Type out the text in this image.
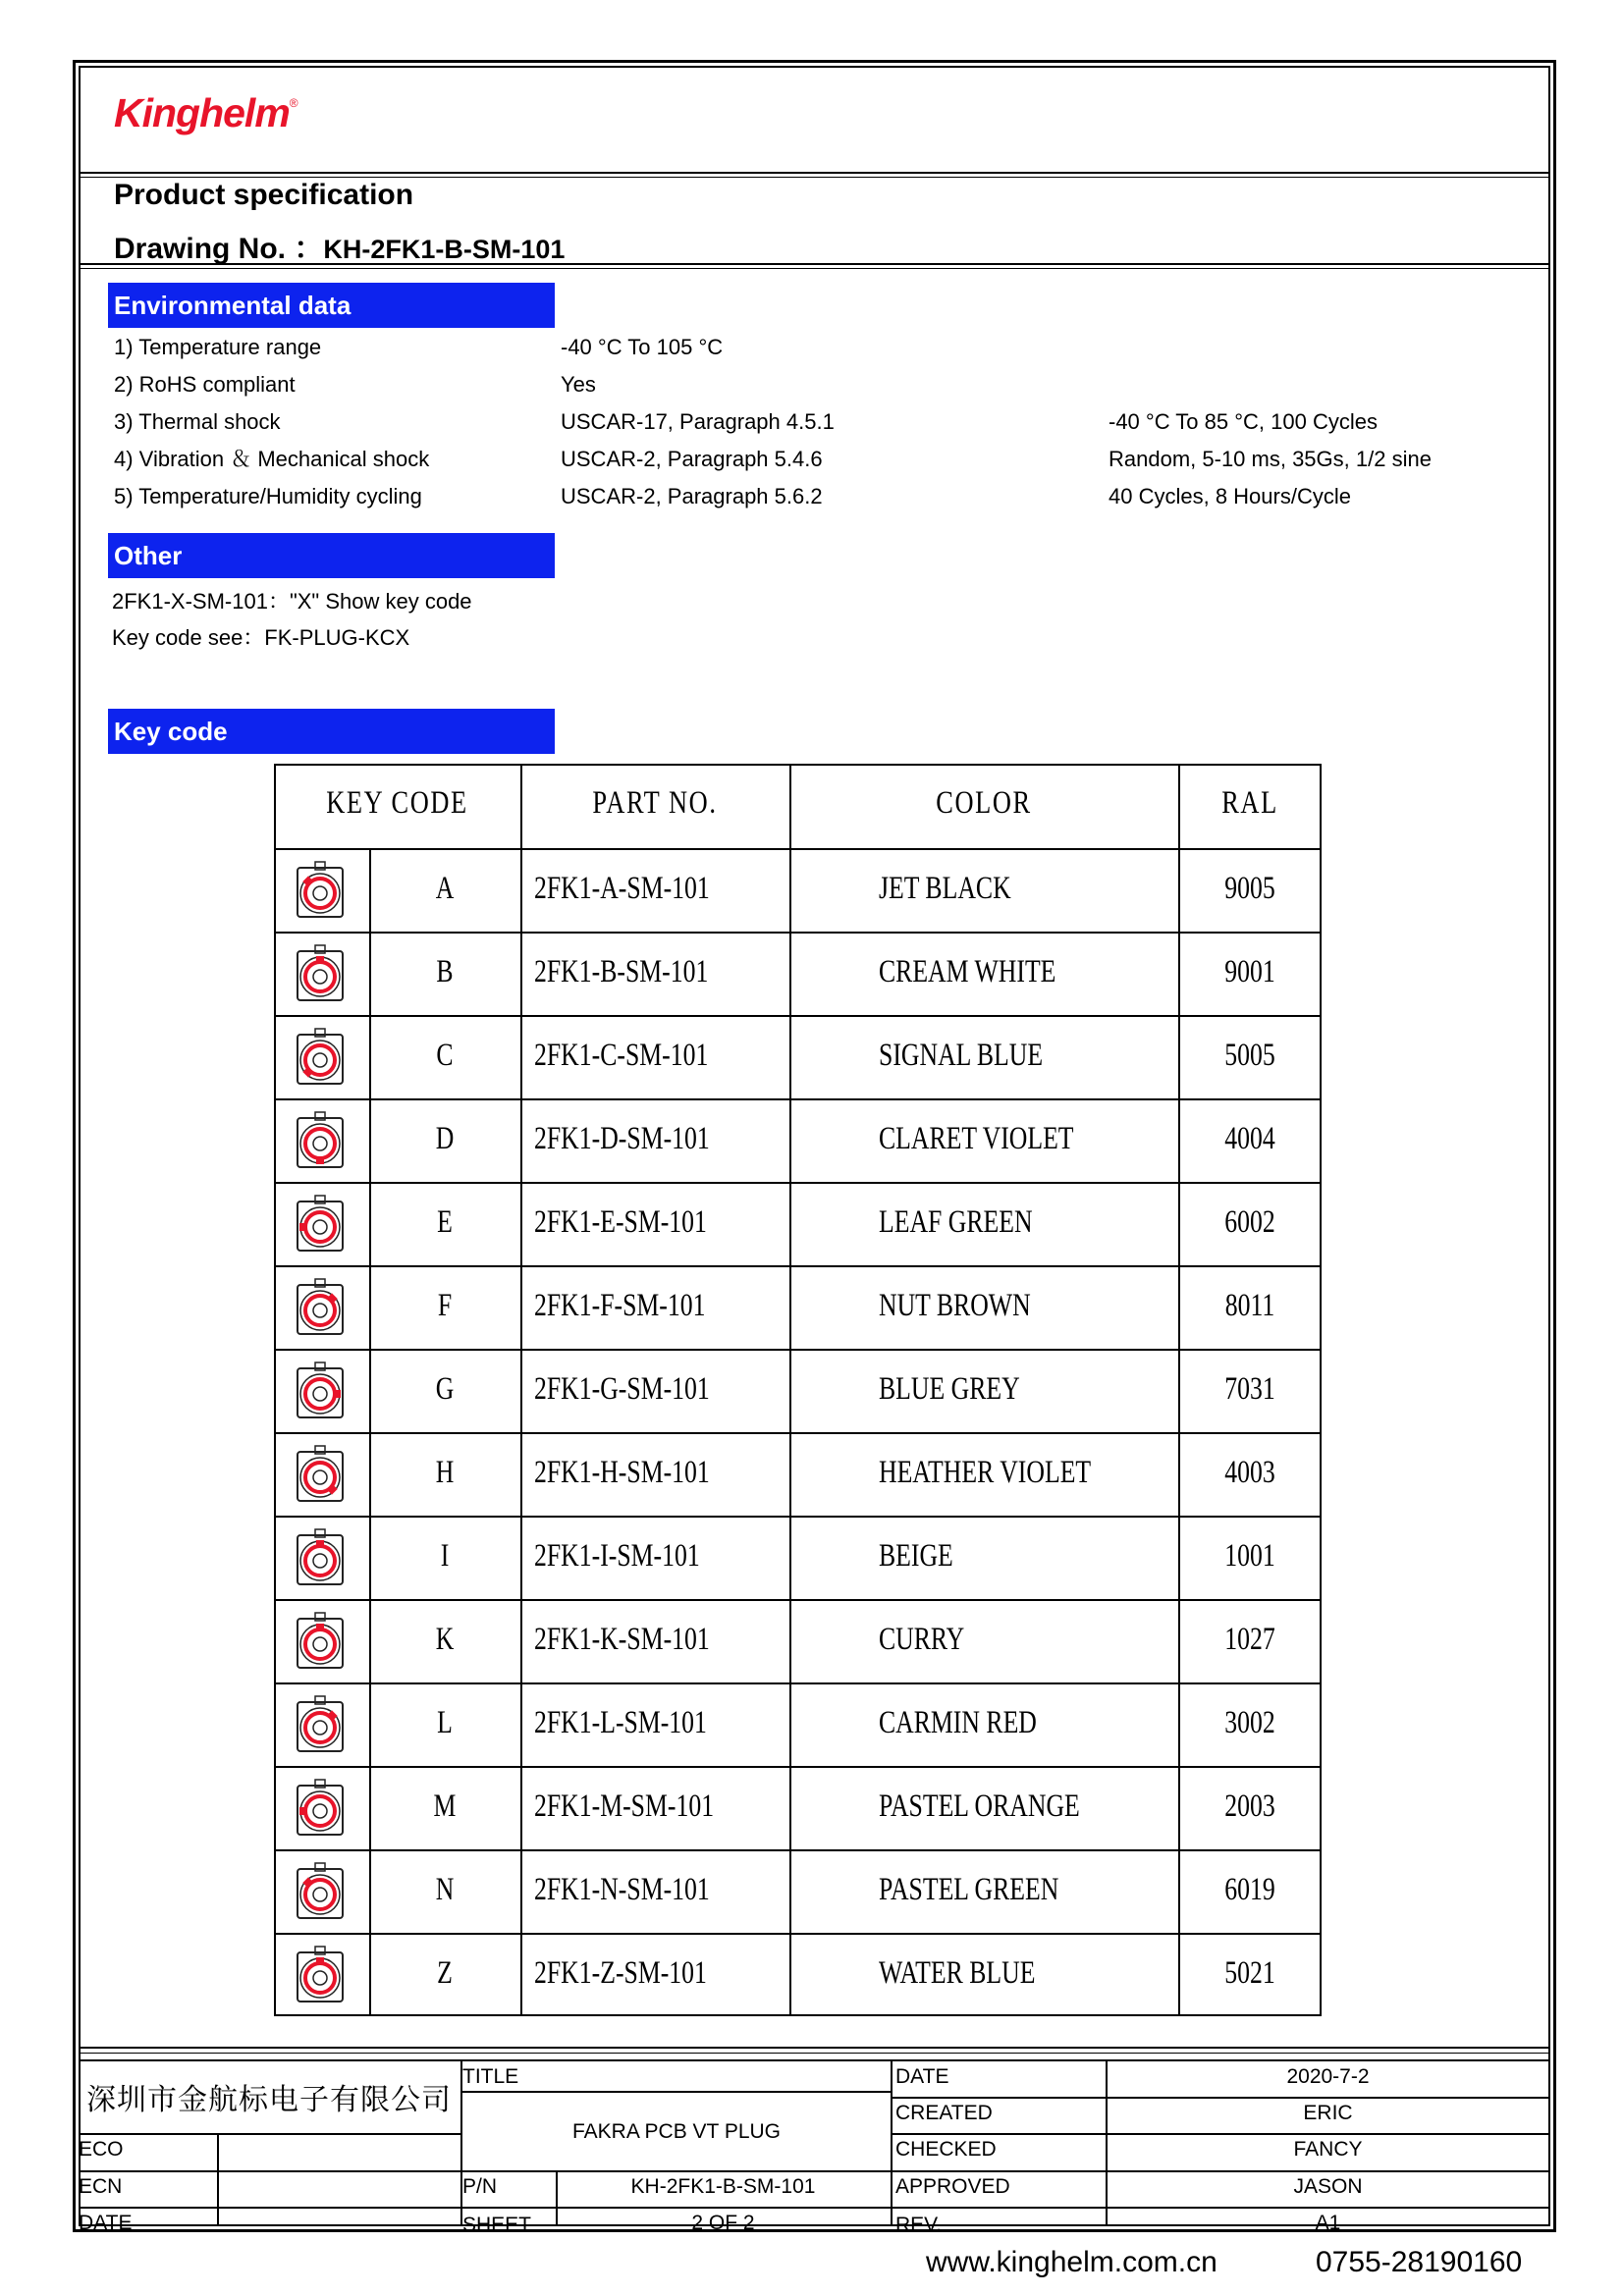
Kinghelm®
Product specification
Drawing No. ：KH-2FK1-B-SM-101
Environmental data
1) Temperature range	-40 °C To 105 °C
2) RoHS compliant	Yes
3) Thermal shock	USCAR-17, Paragraph 4.5.1	-40 °C To 85 °C, 100 Cycles
4) Vibration ＆ Mechanical shock	USCAR-2, Paragraph 5.4.6	Random, 5-10 ms, 35Gs, 1/2 sine
5) Temperature/Humidity cycling	USCAR-2, Paragraph 5.6.2	40 Cycles, 8 Hours/Cycle
Other
2FK1-X-SM-101："X" Show key code
Key code see：FK-PLUG-KCX
Key code
KEY CODE	PART NO.	COLOR	RAL
A	2FK1-A-SM-101	JET BLACK	9005
B	2FK1-B-SM-101	CREAM WHITE	9001
C	2FK1-C-SM-101	SIGNAL BLUE	5005
D	2FK1-D-SM-101	CLARET VIOLET	4004
E	2FK1-E-SM-101	LEAF GREEN	6002
F	2FK1-F-SM-101	NUT BROWN	8011
G	2FK1-G-SM-101	BLUE GREY	7031
H	2FK1-H-SM-101	HEATHER VIOLET	4003
I	2FK1-I-SM-101	BEIGE	1001
K	2FK1-K-SM-101	CURRY	1027
L	2FK1-L-SM-101	CARMIN RED	3002
M	2FK1-M-SM-101	PASTEL ORANGE	2003
N	2FK1-N-SM-101	PASTEL GREEN	6019
Z	2FK1-Z-SM-101	WATER BLUE	5021
深圳市金航标电子有限公司
ECO
ECN
DATE
TITLE
FAKRA PCB VT PLUG
P/N	KH-2FK1-B-SM-101
SHEET	2 OF 2
DATE	2020-7-2
CREATED	ERIC
CHECKED	FANCY
APPROVED	JASON
REV.	A1
www.kinghelm.com.cn	0755-28190160
